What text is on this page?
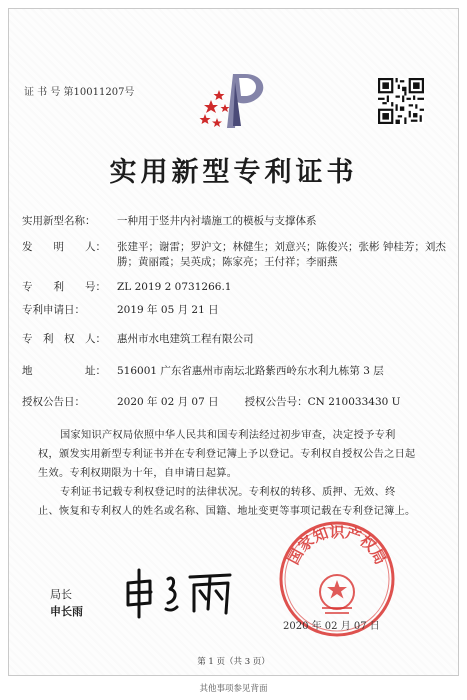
证 书 号 第10011207号
实用新型专利证书
实用新型名称： 一种用于竖井内衬墙施工的模板与支撑体系
发　　明　　人： 张建平；谢雷；罗沪文；林健生；刘意兴；陈俊兴；张彬 钟桂芳；刘杰勝；黄丽霞；吴英成；陈家亮；王付祥；李丽燕
专　　利　　号： ZL 2019 2 0731266.1
专利申请日：	2019 年 05 月 21 日
专　利　权　人： 惠州市水电建筑工程有限公司
地　　　　　址： 516001 广东省惠州市南坛北路紫西岭东水利九栋第 3 层
授权公告日：	2020 年 02 月 07 日 授权公告号：CN 210033430 U
国家知识产权局依照中华人民共和国专利法经过初步审查，决定授予专利权，颁发实用新型专利证书并在专利登记簿上予以登记。专利权自授权公告之日起生效。专利权期限为十年，自申请日起算。
专利证书记载专利权登记时的法律状况。专利权的转移、质押、无效、终止、恢复和专利权人的姓名或名称、国籍、地址变更等事项记载在专利登记簿上。
局长
申长雨
国家知识产权局
2020 年 02 月 07 日
第 1 页（共 3 页）
其他事项参见背面
